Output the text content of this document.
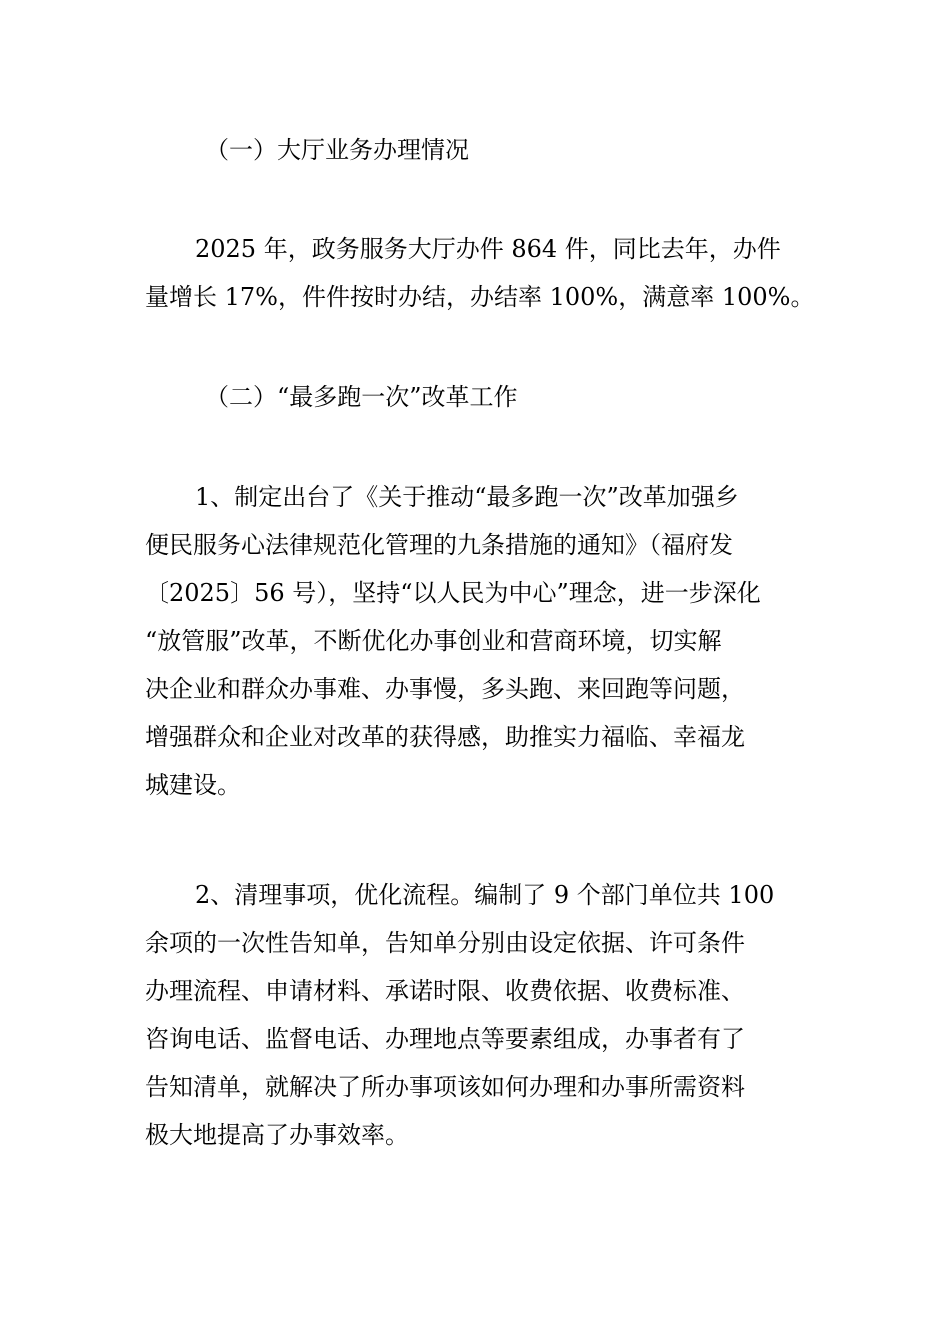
（一）大厅业务办理情况
2025 年，政务服务大厅办件 864 件，同比去年，办件
量增长 17%，件件按时办结，办结率 100%，满意率 100%。
（二）“最多跑一次”改革工作
1、制定出台了《关于推动“最多跑一次”改革加强乡
便民服务心法律规范化管理的九条措施的通知》（福府发
〔2025〕56 号），坚持“以人民为中心”理念，进一步深化
“放管服”改革，不断优化办事创业和营商环境，切实解
决企业和群众办事难、办事慢，多头跑、来回跑等问题，
增强群众和企业对改革的获得感，助推实力福临、幸福龙
城建设。
2、清理事项，优化流程。编制了 9 个部门单位共 100
余项的一次性告知单，告知单分别由设定依据、许可条件
办理流程、申请材料、承诺时限、收费依据、收费标准、
咨询电话、监督电话、办理地点等要素组成，办事者有了
告知清单，就解决了所办事项该如何办理和办事所需资料
极大地提高了办事效率。
